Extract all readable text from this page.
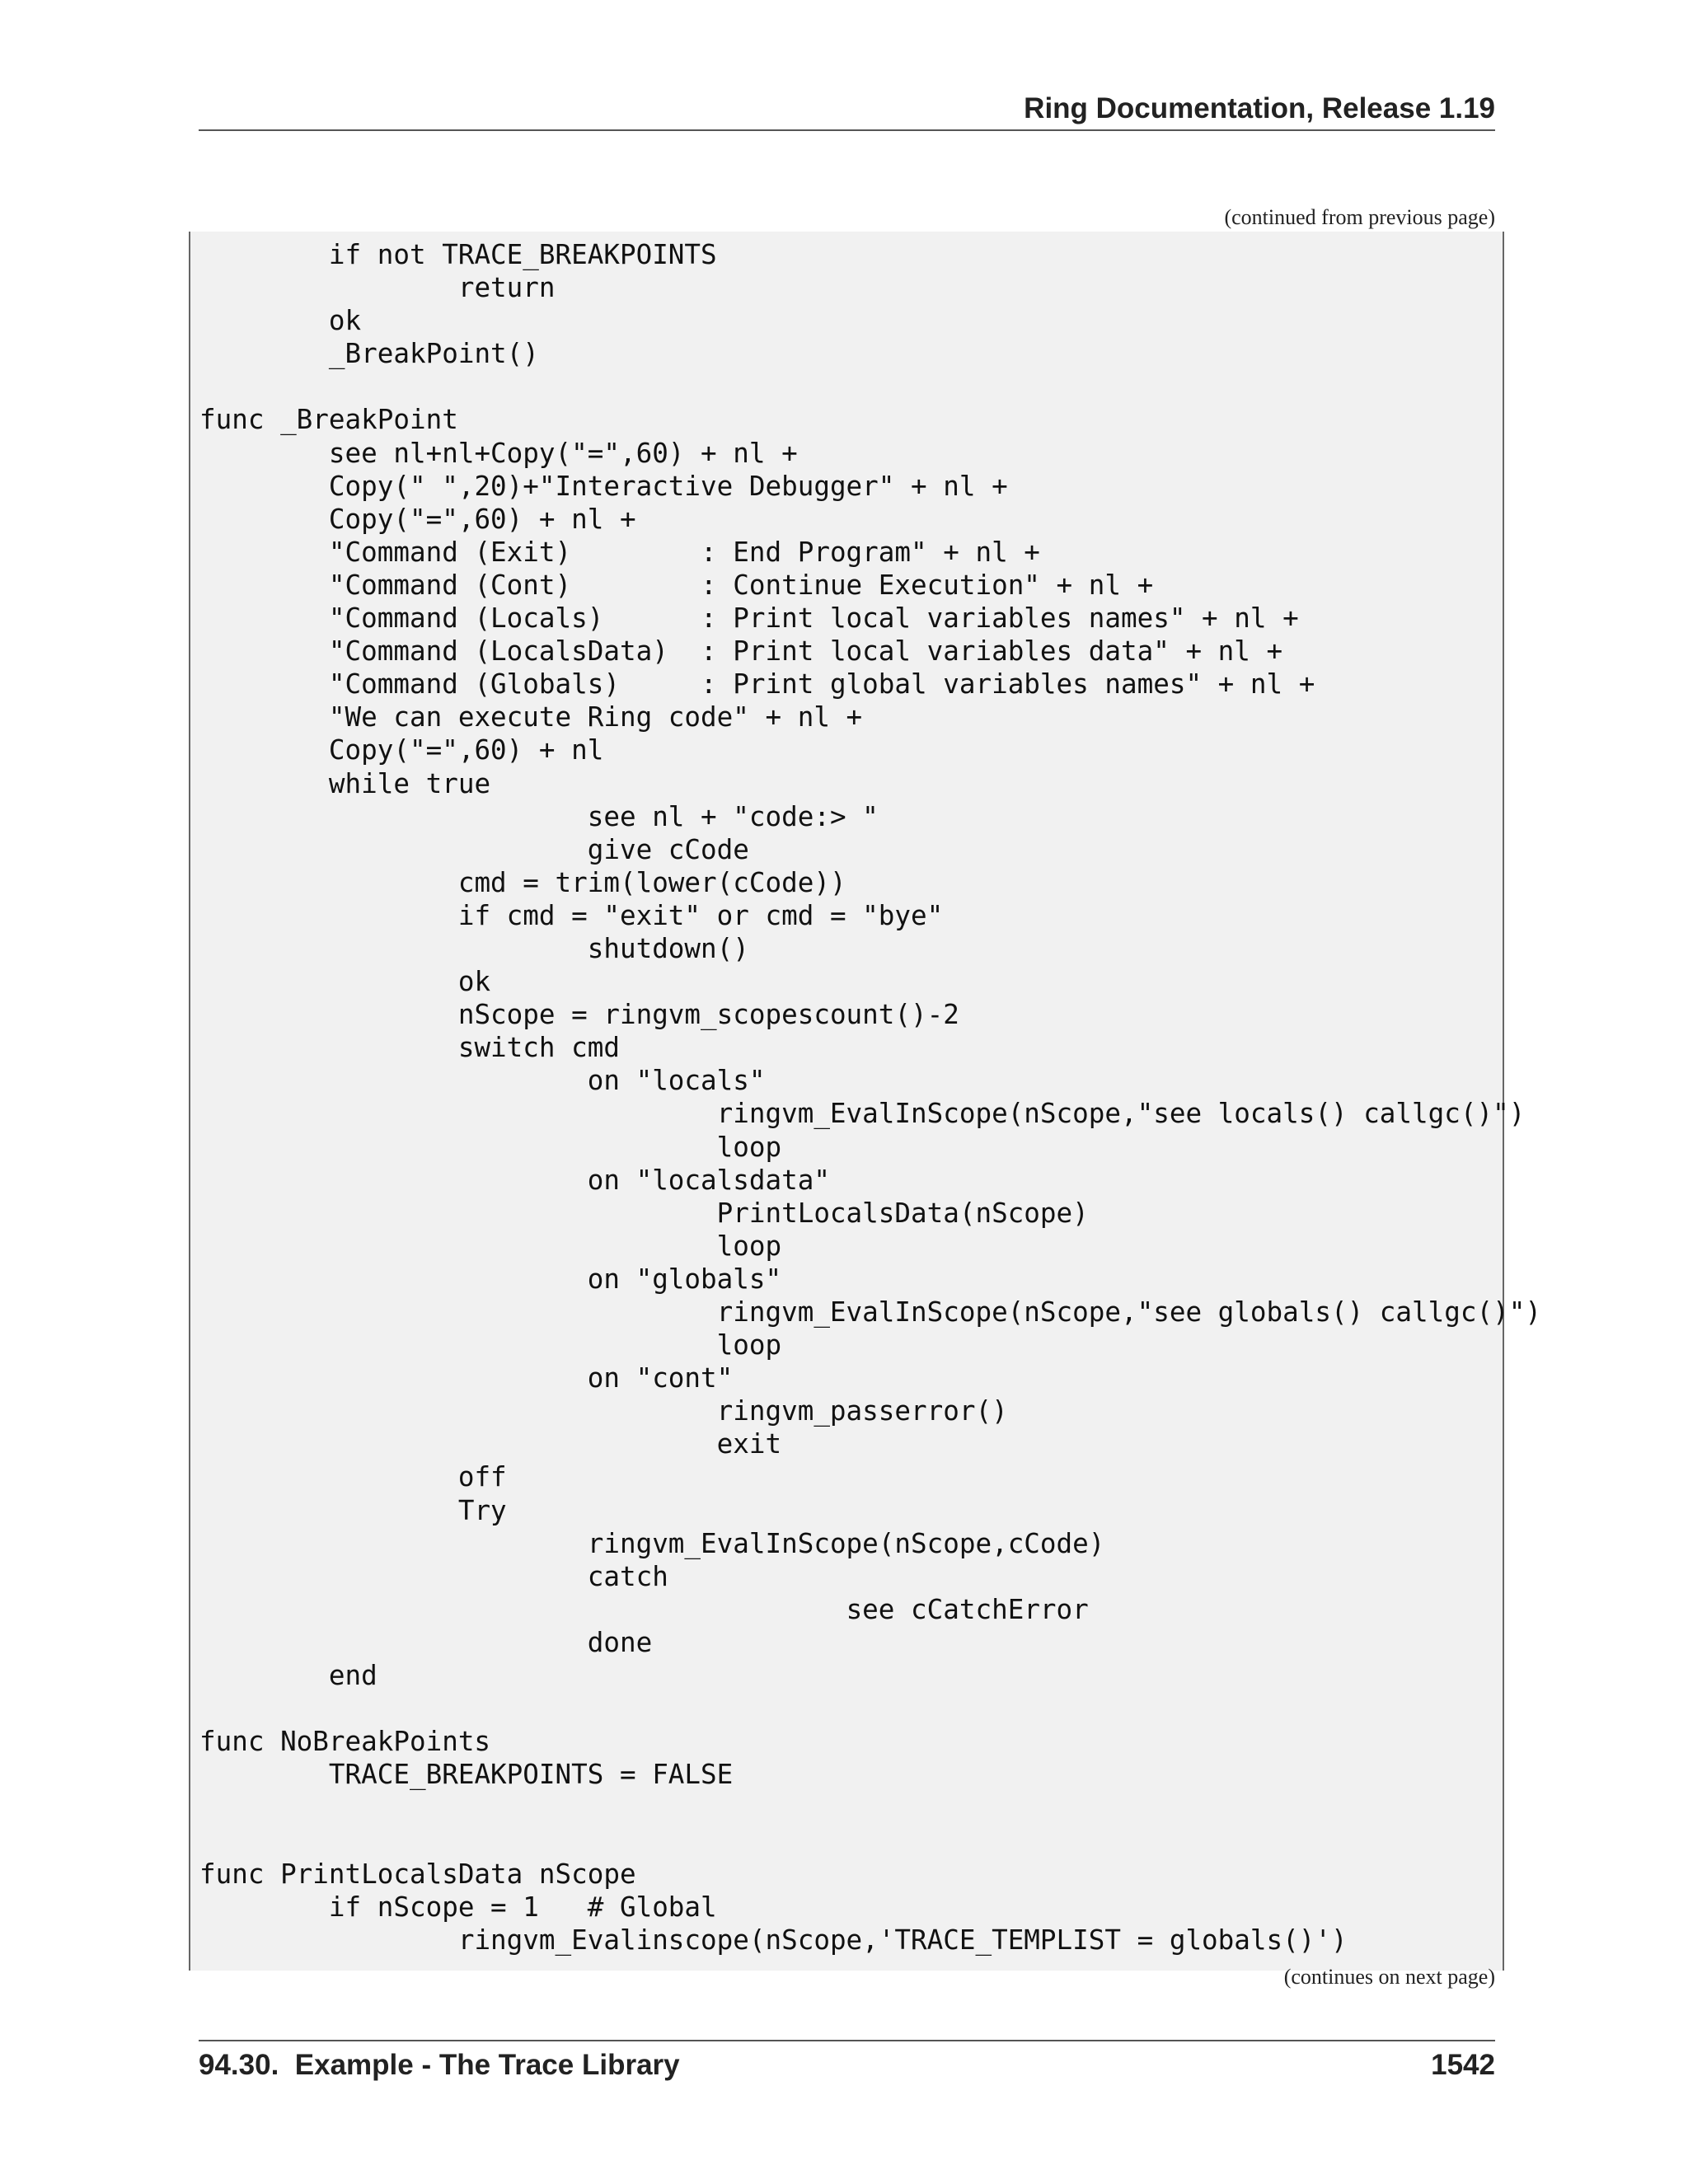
Ring Documentation, Release 1.19
(continued from previous page)
	if not TRACE_BREAKPOINTS
		return
	ok
	_BreakPoint()
func _BreakPoint
	see nl+nl+Copy("=",60) + nl +
	Copy(" ",20)+"Interactive Debugger" + nl +
	Copy("=",60) + nl +
	"Command (Exit)        : End Program" + nl +
	"Command (Cont)        : Continue Execution" + nl +
	"Command (Locals)      : Print local variables names" + nl +
	"Command (LocalsData)  : Print local variables data" + nl +
	"Command (Globals)     : Print global variables names" + nl +
	"We can execute Ring code" + nl +
	Copy("=",60) + nl
	while true
			see nl + "code:> "
			give cCode
		cmd = trim(lower(cCode))
		if cmd = "exit" or cmd = "bye"
			shutdown()
		ok
		nScope = ringvm_scopescount()-2
		switch cmd
			on "locals"
				ringvm_EvalInScope(nScope,"see locals() callgc()")
				loop
			on "localsdata"
				PrintLocalsData(nScope)
				loop
			on "globals"
				ringvm_EvalInScope(nScope,"see globals() callgc()")
				loop
			on "cont"
				ringvm_passerror()
				exit
		off
		Try
			ringvm_EvalInScope(nScope,cCode)
			catch
					see cCatchError
			done
	end
func NoBreakPoints
	TRACE_BREAKPOINTS = FALSE
func PrintLocalsData nScope
	if nScope = 1   # Global
		ringvm_Evalinscope(nScope,'TRACE_TEMPLIST = globals()')
(continues on next page)
94.30.  Example - The Trace Library	1542
